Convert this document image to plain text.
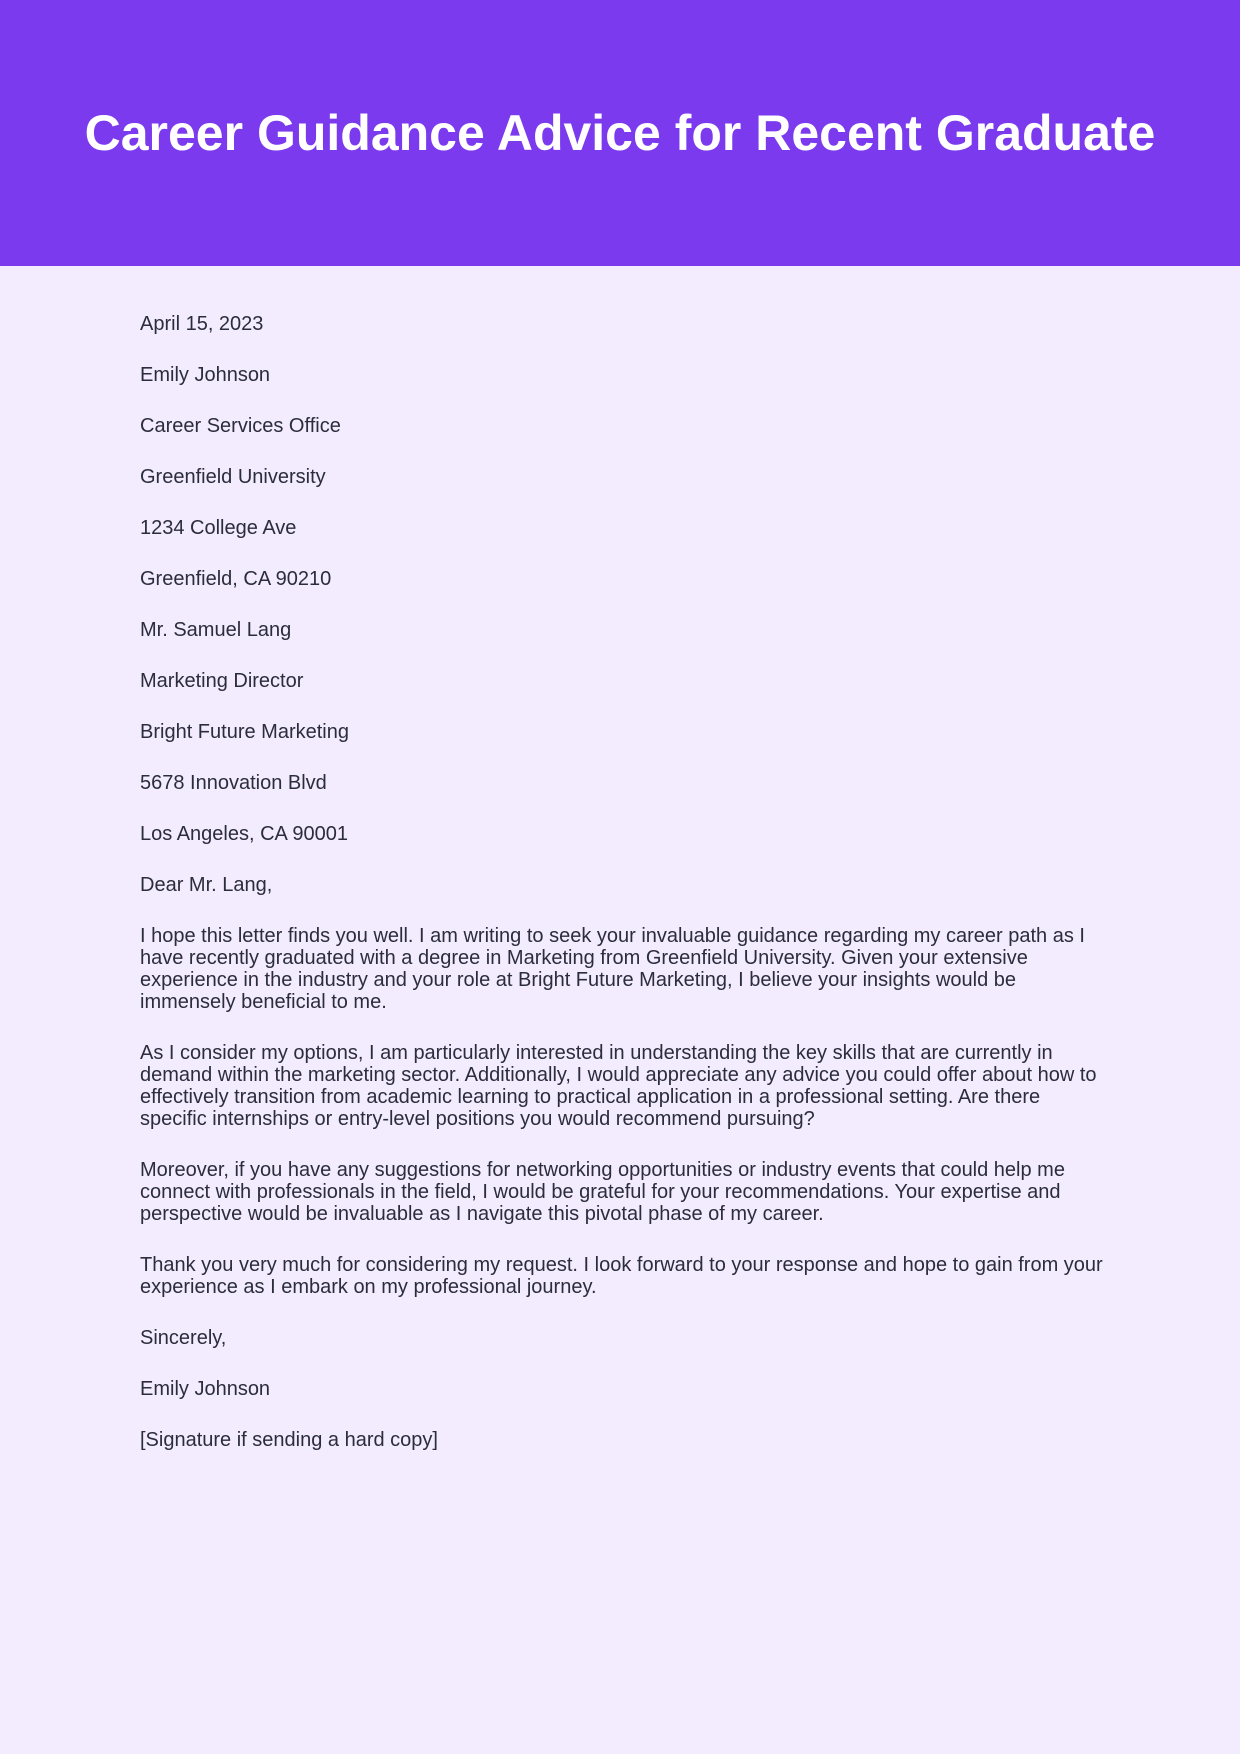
Career Guidance Advice for Recent Graduate

April 15, 2023

Emily Johnson

Career Services Office

Greenfield University

1234 College Ave

Greenfield, CA 90210

Mr. Samuel Lang

Marketing Director

Bright Future Marketing

5678 Innovation Blvd

Los Angeles, CA 90001

Dear Mr. Lang,

I hope this letter finds you well. I am writing to seek your invaluable guidance regarding my career path as I have recently graduated with a degree in Marketing from Greenfield University. Given your extensive experience in the industry and your role at Bright Future Marketing, I believe your insights would be immensely beneficial to me.

As I consider my options, I am particularly interested in understanding the key skills that are currently in demand within the marketing sector. Additionally, I would appreciate any advice you could offer about how to effectively transition from academic learning to practical application in a professional setting. Are there specific internships or entry-level positions you would recommend pursuing?

Moreover, if you have any suggestions for networking opportunities or industry events that could help me connect with professionals in the field, I would be grateful for your recommendations. Your expertise and perspective would be invaluable as I navigate this pivotal phase of my career.

Thank you very much for considering my request. I look forward to your response and hope to gain from your experience as I embark on my professional journey.

Sincerely,

Emily Johnson

[Signature if sending a hard copy]
